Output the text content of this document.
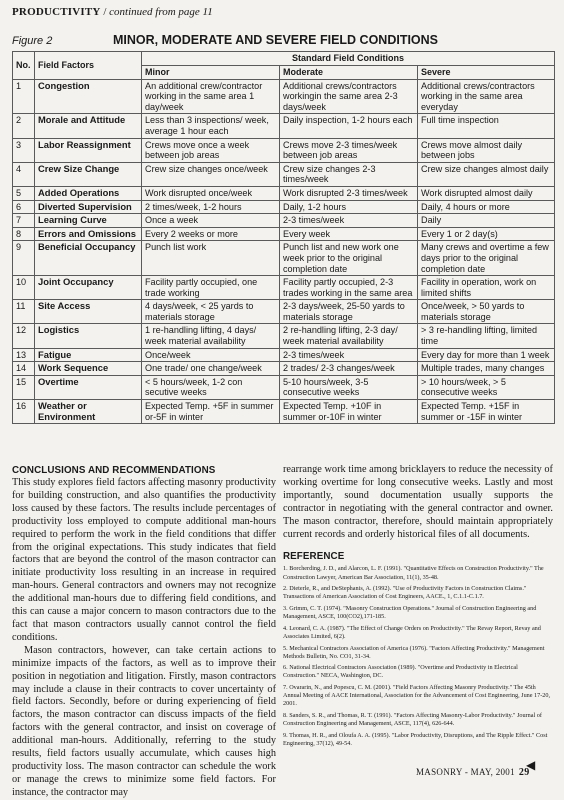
PRODUCTIVITY / continued from page 11
Figure 2	MINOR, MODERATE AND SEVERE FIELD CONDITIONS
No.	Field Factors	Standard Field Conditions		
		Minor	Moderate	Severe
1	Congestion	An additional crew/contractor working in the same area 1 day/week	Additional crews/contractors workingin the same area 2-3 days/week	Additional crews/contractors working in the same area everyday
2	Morale and Attitude	Less than 3 inspections/ week, average 1 hour each	Daily inspection, 1-2 hours each	Full time inspection
3	Labor Reassignment	Crews move once a week between job areas	Crews move 2-3 times/week between job areas	Crews move almost daily between jobs
4	Crew Size Change	Crew size changes once/week	Crew size changes 2-3 times/week	Crew size changes almost daily
5	Added Operations	Work disrupted once/week	Work disrupted 2-3 times/week	Work disrupted almost daily
6	Diverted Supervision	2 times/week, 1-2 hours	Daily, 1-2 hours	Daily, 4 hours or more
7	Learning Curve	Once a week	2-3 times/week	Daily
8	Errors and Omissions	Every 2 weeks or more	Every week	Every 1 or 2 day(s)
9	Beneficial Occupancy	Punch list work	Punch list and new work one week prior to the original completion date	Many crews and overtime a few days prior to the original completion date
10	Joint Occupancy	Facility partly occupied, one trade working	Facility partly occupied, 2-3 trades working in the same area	Facility in operation, work on limited shifts
11	Site Access	4 days/week, < 25 yards to materials storage	2-3 days/week, 25-50 yards to materials storage	Once/week, > 50 yards to materials storage
12	Logistics	1 re-handling lifting, 4 days/ week material availability	2 re-handling lifting, 2-3 day/ week material availability	> 3 re-handling lifting, limited time
13	Fatigue	Once/week	2-3 times/week	Every day for more than 1 week
14	Work Sequence	One trade/ one change/week	2 trades/ 2-3 changes/week	Multiple trades, many changes
15	Overtime	< 5 hours/week, 1-2 con secutive weeks	5-10 hours/week, 3-5 consecutive weeks	> 10 hours/week, > 5 consecutive weeks
16	Weather or Environment	Expected Temp. +5F in summer or-5F in winter	Expected Temp. +10F in summer or-10F in winter	Expected Temp. +15F in summer or -15F in winter
CONCLUSIONS AND RECOMMENDATIONS

This study explores field factors affecting masonry productivity for building construction, and also quantifies the productivity loss caused by these factors. The results include percentages of productivity loss employed to compute additional man-hours required to perform the work in the field conditions that differ from the original expectations. This study indicates that field factors that are beyond the control of the mason contractor can initiate productivity loss resulting in an increase in required man-hours. General contractors and owners may not recognize the additional man-hours due to differing field conditions, and this can cause a major concern to mason contractors due to the fact that mason contractors usually cannot control the field conditions.

Mason contractors, however, can take certain actions to minimize impacts of the factors, as well as to improve their position in negotiation and litigation. Firstly, mason contractors may include a clause in their contracts to cover uncertainty of field factors. Secondly, before or during experiencing of field factors, the mason contractor can discuss impacts of the field factors with the general contractor, and insist on coverage of additional man-hours. Additionally, referring to the study results, field factors usually accumulate, which causes high productivity loss. The mason contractor can schedule the work or manage the crews to minimize some field factors. For instance, the contractor may

rearrange work time among bricklayers to reduce the necessity of working overtime for long consecutive weeks. Lastly and most importantly, sound documentation usually supports the contractor in negotiating with the general contractor and owner. The mason contractor, therefore, should maintain appropriately current records and orderly historical files of all documents.

REFERENCE
1. Borcherding, J. D., and Alarcon, L. F. (1991). "Quantitative Effects on Construction Productivity." The Construction Lawyer, American Bar Association, 11(1), 35-48.
2. Dieterle, R., and DeStephanis, A. (1992). "Use of Productivity Factors in Construction Claims." Transactions of American Association of Cost Engineers, AACE., 1, C.1.1-C.1.7.
3. Grimm, C. T. (1974). "Masonry Construction Operations." Journal of Construction Engineering and Management, ASCE, 100(CO2),171-185.
4. Leonard, C. A. (1987). "The Effect of Change Orders on Productivity." The Revay Report, Revay and Associates Limited, 6(2).
5. Mechanical Contractors Association of America (1976). "Factors Affecting Productivity." Management Methods Bulletin, No. CO1, 31-34.
6. National Electrical Contractors Association (1989). "Overtime and Productivity in Electrical Construction." NECA, Washington, DC.
7. Ovararin, N., and Popescu, C. M. (2001). "Field Factors Affecting Masonry Productivity." The 45th Annual Meeting of AACE International, Association for the Advancement of Cost Engineering, June 17-20, 2001.
8. Sanders, S. R., and Thomas, R. T. (1991). "Factors Affecting Masonry-Labor Productivity." Journal of Construction Engineering and Management, ASCE, 117(4), 626-644.
9. Thomas, H. R., and Oloufa A. A. (1995). "Labor Productivity, Disruptions, and The Ripple Effect." Cost Engineering, 37(12), 49-54.
◀
MASONRY - MAY, 2001 29
